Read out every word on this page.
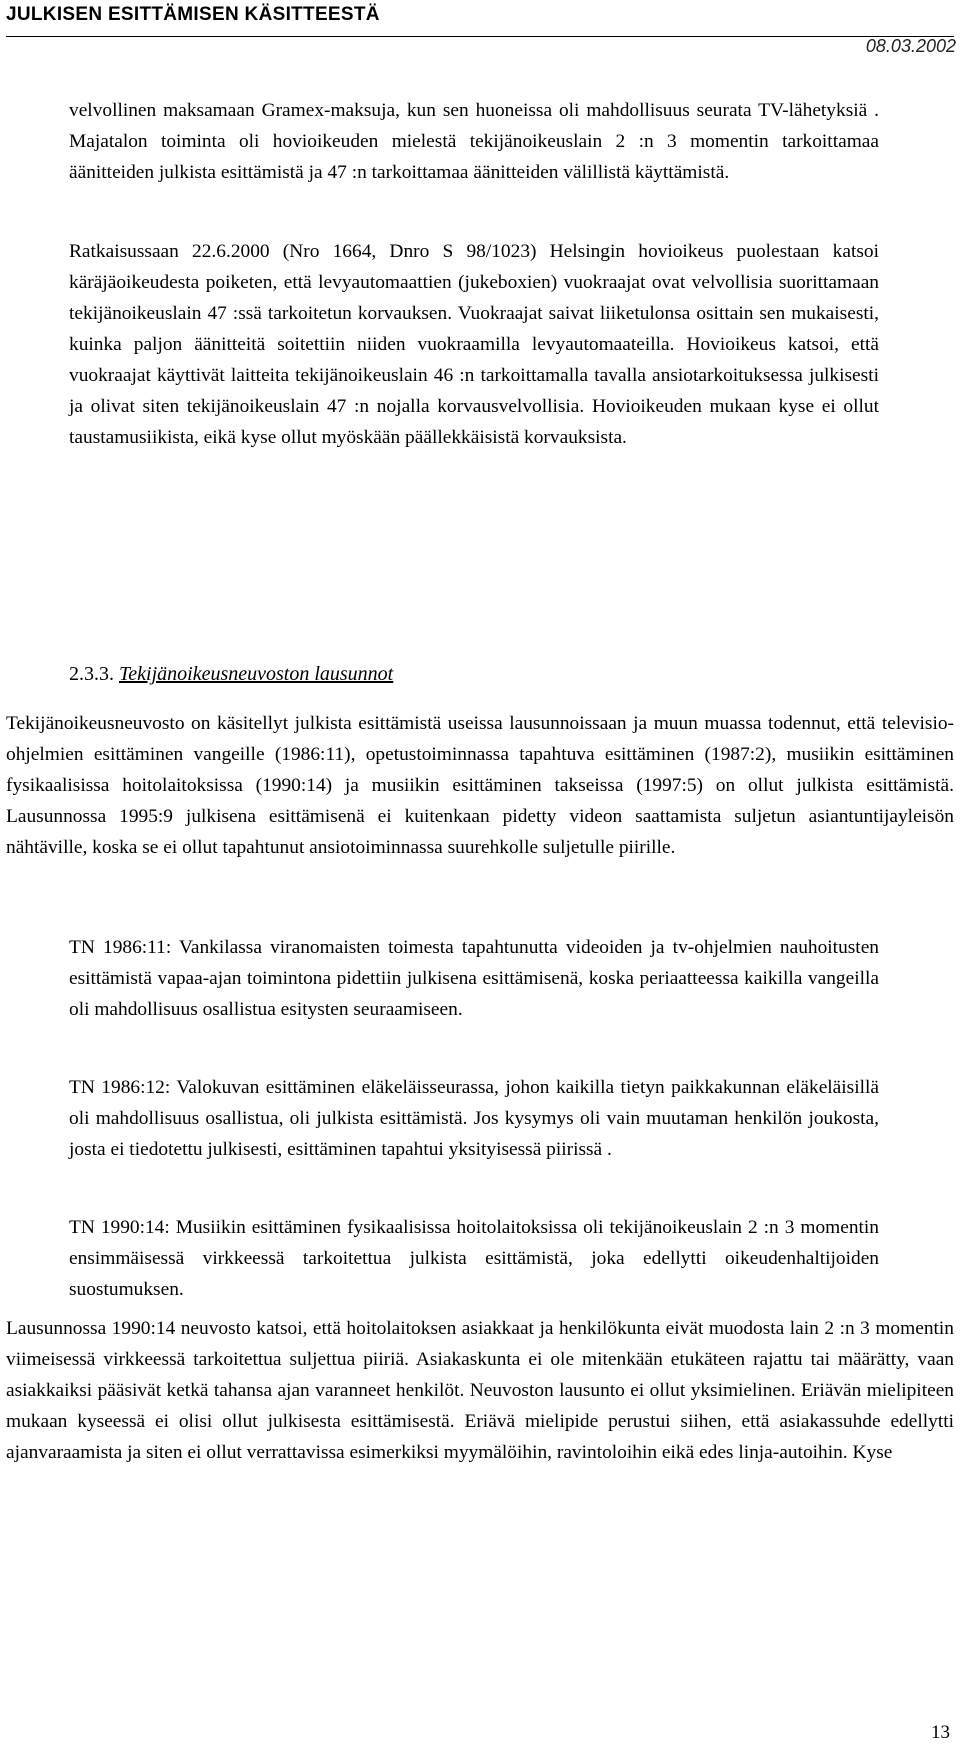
JULKISEN ESITTÄMISEN KÄSITTEESTÄ
08.03.2002

velvollinen maksamaan Gramex-maksuja, kun sen huoneissa oli mahdollisuus seurata TV-lähetyksiä . Majatalon toiminta oli hovioikeuden mielestä tekijänoikeuslain 2 :n 3 momentin tarkoittamaa äänitteiden julkista esittämistä ja 47 :n tarkoittamaa äänitteiden välillistä käyttämistä.

Ratkaisussaan 22.6.2000 (Nro 1664, Dnro S 98/1023) Helsingin hovioikeus puolestaan katsoi käräjäoikeudesta poiketen, että levyautomaattien (jukeboxien) vuokraajat ovat velvollisia suorittamaan tekijänoikeuslain 47 :ssä tarkoitetun korvauksen. Vuokraajat saivat liiketulonsa osittain sen mukaisesti, kuinka paljon äänitteitä soitettiin niiden vuokraamilla levyautomaateilla. Hovioikeus katsoi, että vuokraajat käyttivät laitteita tekijänoikeuslain 46 :n tarkoittamalla tavalla ansiotarkoituksessa julkisesti ja olivat siten tekijänoikeuslain 47 :n nojalla korvausvelvollisia. Hovioikeuden mukaan kyse ei ollut taustamusiikista, eikä kyse ollut myöskään päällekkäisistä korvauksista.

2.3.3. Tekijänoikeusneuvoston lausunnot

Tekijänoikeusneuvosto on käsitellyt julkista esittämistä useissa lausunnoissaan ja muun muassa todennut, että televisio-ohjelmien esittäminen vangeille (1986:11), opetustoiminnassa tapahtuva esittäminen (1987:2), musiikin esittäminen fysikaalisissa hoitolaitoksissa (1990:14) ja musiikin esittäminen takseissa (1997:5) on ollut julkista esittämistä. Lausunnossa 1995:9 julkisena esittämisenä ei kuitenkaan pidetty videon saattamista suljetun asiantuntijayleisön nähtäville, koska se ei ollut tapahtunut ansiotoiminnassa suurehkolle suljetulle piirille.

TN 1986:11: Vankilassa viranomaisten toimesta tapahtunutta videoiden ja tv-ohjelmien nauhoitusten esittämistä vapaa-ajan toimintona pidettiin julkisena esittämisenä, koska periaatteessa kaikilla vangeilla oli mahdollisuus osallistua esitysten seuraamiseen.

TN 1986:12: Valokuvan esittäminen eläkeläisseurassa, johon kaikilla tietyn paikkakunnan eläkeläisillä oli mahdollisuus osallistua, oli julkista esittämistä. Jos kysymys oli vain muutaman henkilön joukosta, josta ei tiedotettu julkisesti, esittäminen tapahtui yksityisessä piirissä .

TN 1990:14: Musiikin esittäminen fysikaalisissa hoitolaitoksissa oli tekijänoikeuslain 2 :n 3 momentin ensimmäisessä virkkeessä tarkoitettua julkista esittämistä, joka edellytti oikeudenhaltijoiden suostumuksen.

Lausunnossa 1990:14 neuvosto katsoi, että hoitolaitoksen asiakkaat ja henkilökunta eivät muodosta lain 2 :n 3 momentin viimeisessä virkkeessä tarkoitettua suljettua piiriä. Asiakaskunta ei ole mitenkään etukäteen rajattu tai määrätty, vaan asiakkaiksi pääsivät ketkä tahansa ajan varanneet henkilöt. Neuvoston lausunto ei ollut yksimielinen. Eriävän mielipiteen mukaan kyseessä ei olisi ollut julkisesta esittämisestä. Eriävä mielipide perustui siihen, että asiakassuhde edellytti ajanvaraamista ja siten ei ollut verrattavissa esimerkiksi myymälöihin, ravintoloihin eikä edes linja-autoihin. Kyse

13
